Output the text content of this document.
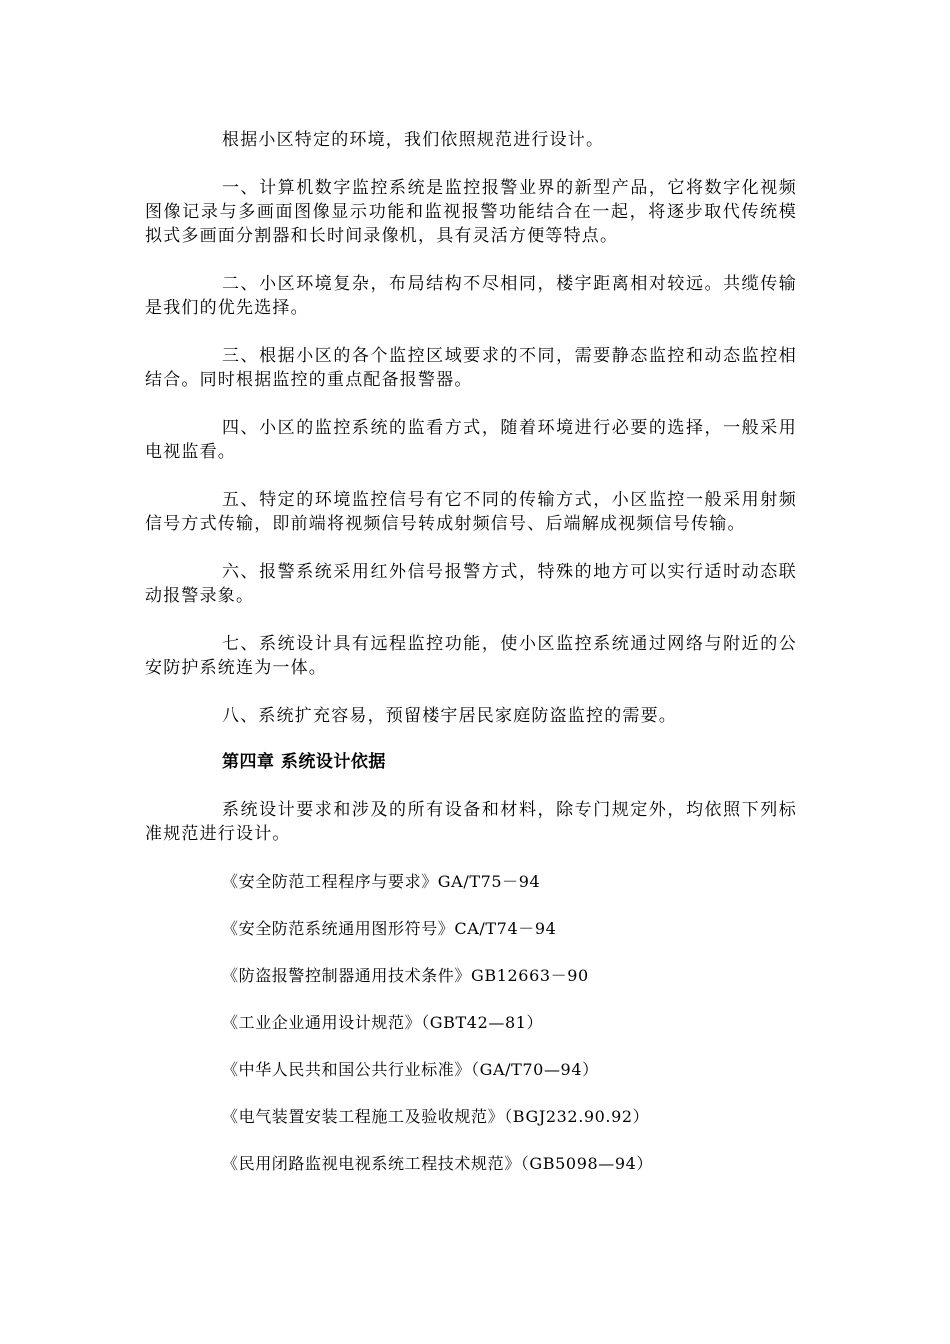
根据小区特定的环境，我们依照规范进行设计。

一、计算机数字监控系统是监控报警业界的新型产品，它将数字化视频图像记录与多画面图像显示功能和监视报警功能结合在一起，将逐步取代传统模拟式多画面分割器和长时间录像机，具有灵活方便等特点。

二、小区环境复杂，布局结构不尽相同，楼宇距离相对较远。共缆传输是我们的优先选择。

三、根据小区的各个监控区域要求的不同，需要静态监控和动态监控相结合。同时根据监控的重点配备报警器。

四、小区的监控系统的监看方式，随着环境进行必要的选择，一般采用电视监看。

五、特定的环境监控信号有它不同的传输方式，小区监控一般采用射频信号方式传输，即前端将视频信号转成射频信号、后端解成视频信号传输。

六、报警系统采用红外信号报警方式，特殊的地方可以实行适时动态联动报警录象。

七、系统设计具有远程监控功能，使小区监控系统通过网络与附近的公安防护系统连为一体。

八、系统扩充容易，预留楼宇居民家庭防盗监控的需要。

第四章 系统设计依据

系统设计要求和涉及的所有设备和材料，除专门规定外，均依照下列标准规范进行设计。

《安全防范工程程序与要求》GA/T75－94
《安全防范系统通用图形符号》CA/T74－94
《防盗报警控制器通用技术条件》GB12663－90
《工业企业通用设计规范》（GBT42—81）
《中华人民共和国公共行业标准》（GA/T70—94）
《电气装置安装工程施工及验收规范》（BGJ232.90.92）
《民用闭路监视电视系统工程技术规范》（GB5098—94）
